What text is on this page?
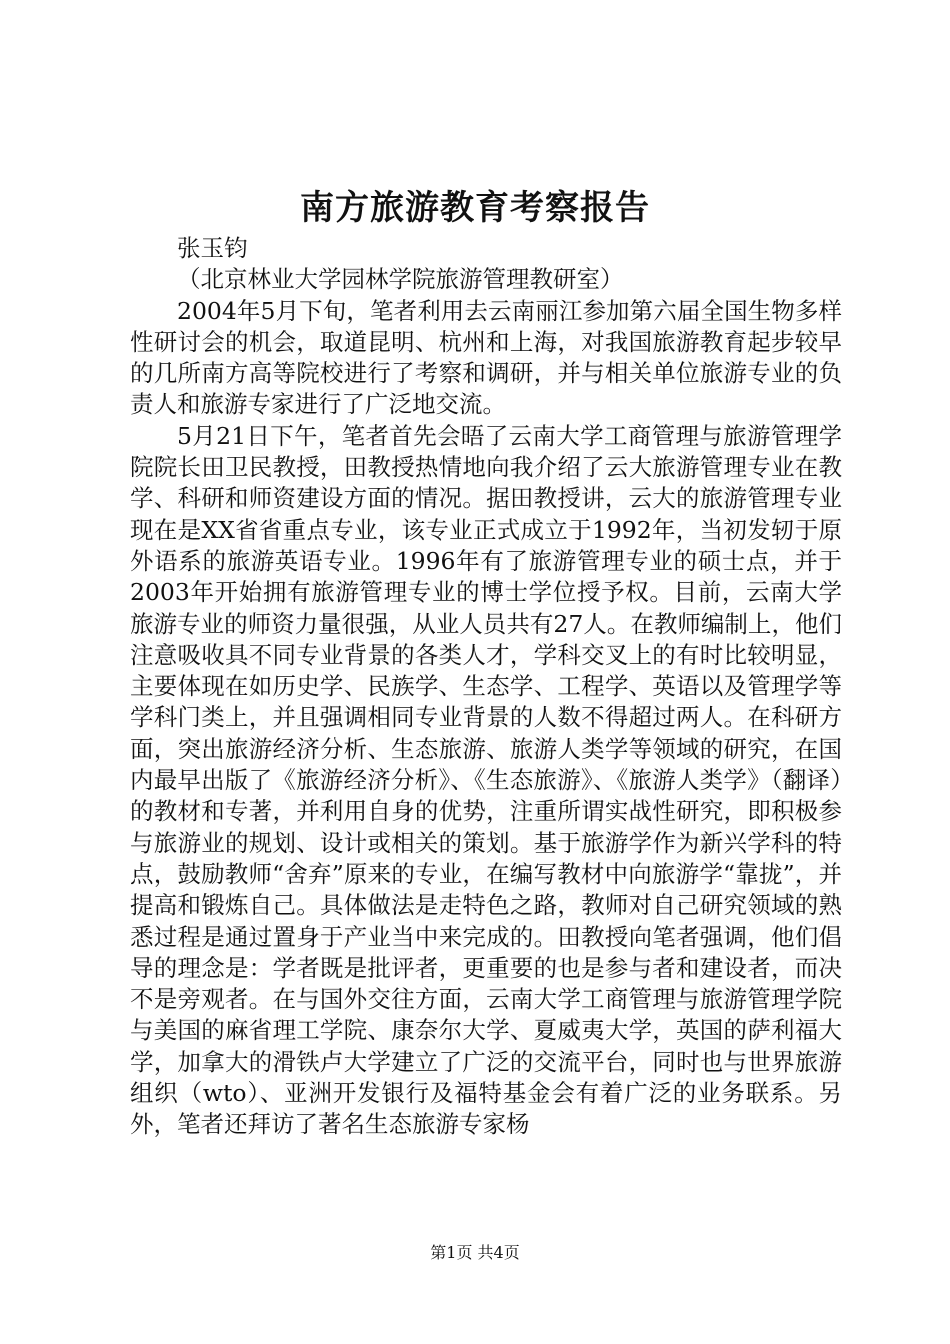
南方旅游教育考察报告

张玉钧

（北京林业大学园林学院旅游管理教研室）

2004年5月下旬，笔者利用去云南丽江参加第六届全国生物多样性研讨会的机会，取道昆明、杭州和上海，对我国旅游教育起步较早的几所南方高等院校进行了考察和调研，并与相关单位旅游专业的负责人和旅游专家进行了广泛地交流。

5月21日下午，笔者首先会晤了云南大学工商管理与旅游管理学院院长田卫民教授，田教授热情地向我介绍了云大旅游管理专业在教学、科研和师资建设方面的情况。据田教授讲，云大的旅游管理专业现在是XX省省重点专业，该专业正式成立于1992年，当初发轫于原外语系的旅游英语专业。1996年有了旅游管理专业的硕士点，并于2003年开始拥有旅游管理专业的博士学位授予权。目前，云南大学旅游专业的师资力量很强，从业人员共有27人。在教师编制上，他们注意吸收具不同专业背景的各类人才，学科交叉上的有时比较明显，主要体现在如历史学、民族学、生态学、工程学、英语以及管理学等学科门类上，并且强调相同专业背景的人数不得超过两人。在科研方面，突出旅游经济分析、生态旅游、旅游人类学等领域的研究，在国内最早出版了《旅游经济分析》、《生态旅游》、《旅游人类学》（翻译）的教材和专著，并利用自身的优势，注重所谓实战性研究，即积极参与旅游业的规划、设计或相关的策划。基于旅游学作为新兴学科的特点，鼓励教师“舍弃”原来的专业，在编写教材中向旅游学“靠拢”，并提高和锻炼自己。具体做法是走特色之路，教师对自己研究领域的熟悉过程是通过置身于产业当中来完成的。田教授向笔者强调，他们倡导的理念是：学者既是批评者，更重要的也是参与者和建设者，而决不是旁观者。在与国外交往方面，云南大学工商管理与旅游管理学院与美国的麻省理工学院、康奈尔大学、夏威夷大学，英国的萨利福大学，加拿大的滑铁卢大学建立了广泛的交流平台，同时也与世界旅游组织（wto）、亚洲开发银行及福特基金会有着广泛的业务联系。另外，笔者还拜访了著名生态旅游专家杨

第1页 共4页
